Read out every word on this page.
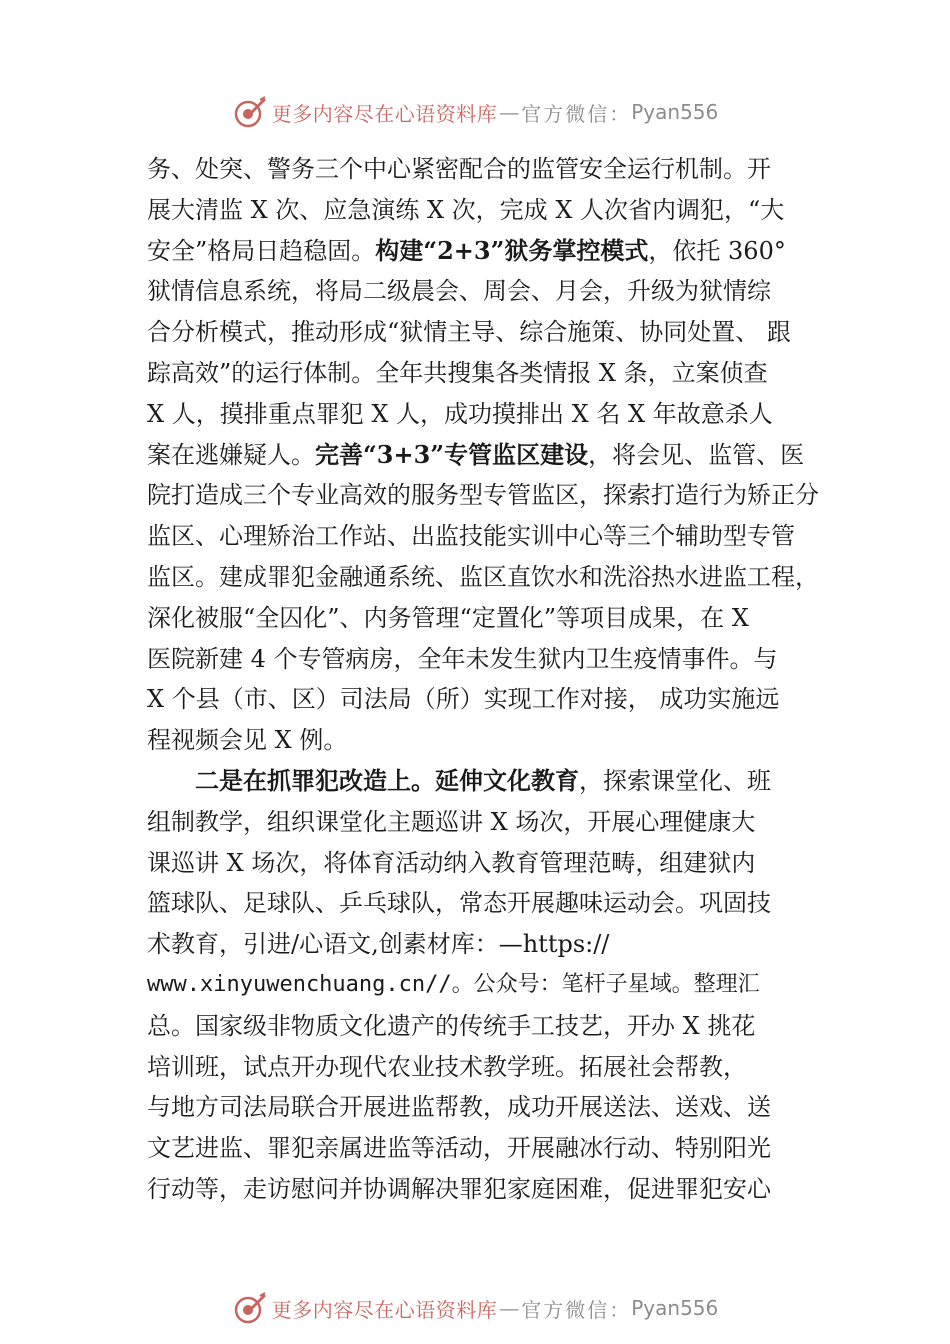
更多内容尽在心语资料库 — 官方微信： Pyan556
务、处突、警务三个中心紧密配合的监管安全运行机制。开
展大清监 X 次、应急演练 X 次，完成 X 人次省内调犯，“大
安全”格局日趋稳固。构建“2+3”狱务掌控模式，依托 360°
狱情信息系统，将局二级晨会、周会、月会，升级为狱情综
合分析模式，推动形成“狱情主导、综合施策、协同处置、 跟
踪高效”的运行体制。全年共搜集各类情报 X 条，立案侦查
X 人，摸排重点罪犯 X 人，成功摸排出 X 名 X 年故意杀人
案在逃嫌疑人。完善“3+3”专管监区建设，将会见、监管、医
院打造成三个专业高效的服务型专管监区，探索打造行为矫正分
监区、心理矫治工作站、出监技能实训中心等三个辅助型专管
监区。建成罪犯金融通系统、监区直饮水和洗浴热水进监工程，
深化被服“全囚化”、内务管理“定置化”等项目成果，在 X
医院新建 4 个专管病房，全年未发生狱内卫生疫情事件。与
X 个县（市、区）司法局（所）实现工作对接， 成功实施远
程视频会见 X 例。
二是在抓罪犯改造上。延伸文化教育，探索课堂化、班
组制教学，组织课堂化主题巡讲 X 场次，开展心理健康大
课巡讲 X 场次，将体育活动纳入教育管理范畴，组建狱内
篮球队、足球队、乒乓球队，常态开展趣味运动会。巩固技
术教育，引进/心语文,创素材库：—https://
www.xinyuwenchuang.cn//。公众号：笔杆子星域。整理汇
总。国家级非物质文化遗产的传统手工技艺，开办 X 挑花
培训班，试点开办现代农业技术教学班。拓展社会帮教，
与地方司法局联合开展进监帮教，成功开展送法、送戏、送
文艺进监、罪犯亲属进监等活动，开展融冰行动、特别阳光
行动等，走访慰问并协调解决罪犯家庭困难，促进罪犯安心
更多内容尽在心语资料库 — 官方微信： Pyan556
